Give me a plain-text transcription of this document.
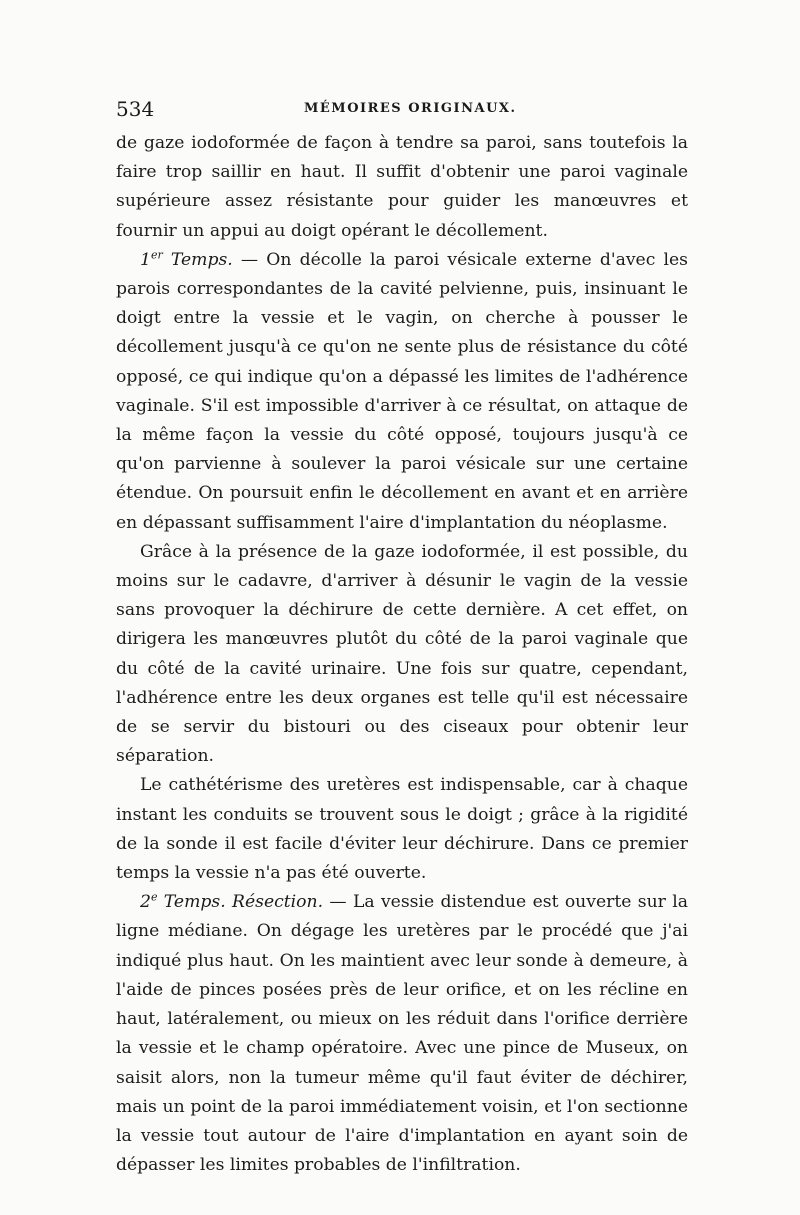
534	MÉMOIRES ORIGINAUX.

de gaze iodoformée de façon à tendre sa paroi, sans toutefois la faire trop saillir en haut. Il suffit d'obtenir une paroi vaginale supérieure assez résistante pour guider les manœuvres et fournir un appui au doigt opérant le décollement.

1er Temps. — On décolle la paroi vésicale externe d'avec les parois correspondantes de la cavité pelvienne, puis, insinuant le doigt entre la vessie et le vagin, on cherche à pousser le décollement jusqu'à ce qu'on ne sente plus de résistance du côté opposé, ce qui indique qu'on a dépassé les limites de l'adhérence vaginale. S'il est impossible d'arriver à ce résultat, on attaque de la même façon la vessie du côté opposé, toujours jusqu'à ce qu'on parvienne à soulever la paroi vésicale sur une certaine étendue. On poursuit enfin le décollement en avant et en arrière en dépassant suffisamment l'aire d'implantation du néoplasme.

Grâce à la présence de la gaze iodoformée, il est possible, du moins sur le cadavre, d'arriver à désunir le vagin de la vessie sans provoquer la déchirure de cette dernière. A cet effet, on dirigera les manœuvres plutôt du côté de la paroi vaginale que du côté de la cavité urinaire. Une fois sur quatre, cependant, l'adhérence entre les deux organes est telle qu'il est nécessaire de se servir du bistouri ou des ciseaux pour obtenir leur séparation.

Le cathétérisme des uretères est indispensable, car à chaque instant les conduits se trouvent sous le doigt ; grâce à la rigidité de la sonde il est facile d'éviter leur déchirure. Dans ce premier temps la vessie n'a pas été ouverte.

2e Temps. Résection. — La vessie distendue est ouverte sur la ligne médiane. On dégage les uretères par le procédé que j'ai indiqué plus haut. On les maintient avec leur sonde à demeure, à l'aide de pinces posées près de leur orifice, et on les récline en haut, latéralement, ou mieux on les réduit dans l'orifice derrière la vessie et le champ opératoire. Avec une pince de Museux, on saisit alors, non la tumeur même qu'il faut éviter de déchirer, mais un point de la paroi immédiatement voisin, et l'on sectionne la vessie tout autour de l'aire d'implantation en ayant soin de dépasser les limites probables de l'infiltration.
